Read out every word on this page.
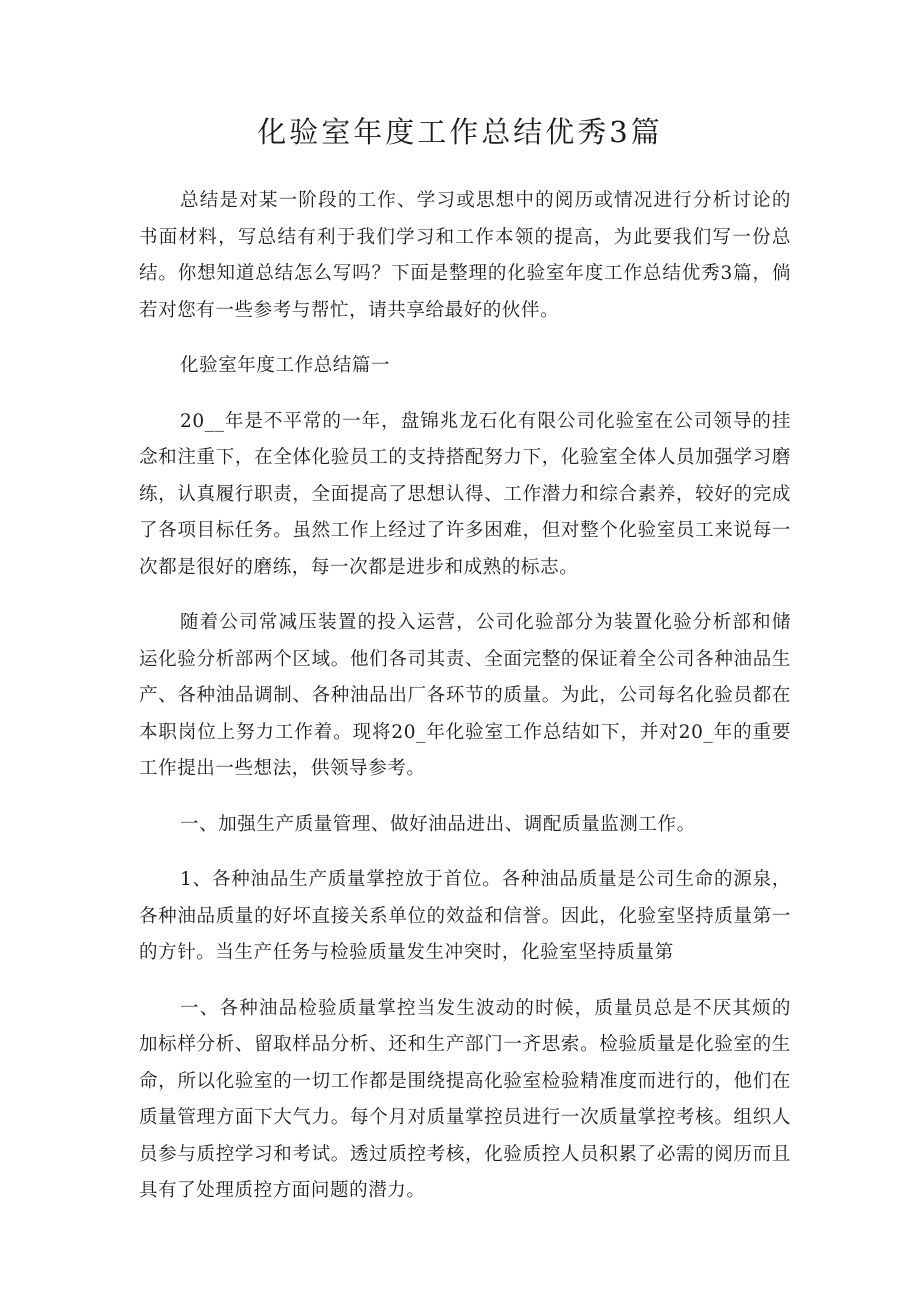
化验室年度工作总结优秀3篇

总结是对某一阶段的工作、学习或思想中的阅历或情况进行分析讨论的书面材料，写总结有利于我们学习和工作本领的提高，为此要我们写一份总结。你想知道总结怎么写吗？下面是整理的化验室年度工作总结优秀3篇，倘若对您有一些参考与帮忙，请共享给最好的伙伴。

化验室年度工作总结篇一

20__年是不平常的一年，盘锦兆龙石化有限公司化验室在公司领导的挂念和注重下，在全体化验员工的支持搭配努力下，化验室全体人员加强学习磨练，认真履行职责，全面提高了思想认得、工作潜力和综合素养，较好的完成了各项目标任务。虽然工作上经过了许多困难，但对整个化验室员工来说每一次都是很好的磨练，每一次都是进步和成熟的标志。

随着公司常减压装置的投入运营，公司化验部分为装置化验分析部和储运化验分析部两个区域。他们各司其责、全面完整的保证着全公司各种油品生产、各种油品调制、各种油品出厂各环节的质量。为此，公司每名化验员都在本职岗位上努力工作着。现将20_年化验室工作总结如下，并对20_年的重要工作提出一些想法，供领导参考。

一、加强生产质量管理、做好油品进出、调配质量监测工作。

1、各种油品生产质量掌控放于首位。各种油品质量是公司生命的源泉，各种油品质量的好坏直接关系单位的效益和信誉。因此，化验室坚持质量第一的方针。当生产任务与检验质量发生冲突时，化验室坚持质量第

一、各种油品检验质量掌控当发生波动的时候，质量员总是不厌其烦的加标样分析、留取样品分析、还和生产部门一齐思索。检验质量是化验室的生命，所以化验室的一切工作都是围绕提高化验室检验精准度而进行的，他们在质量管理方面下大气力。每个月对质量掌控员进行一次质量掌控考核。组织人员参与质控学习和考试。透过质控考核，化验质控人员积累了必需的阅历而且具有了处理质控方面问题的潜力。
